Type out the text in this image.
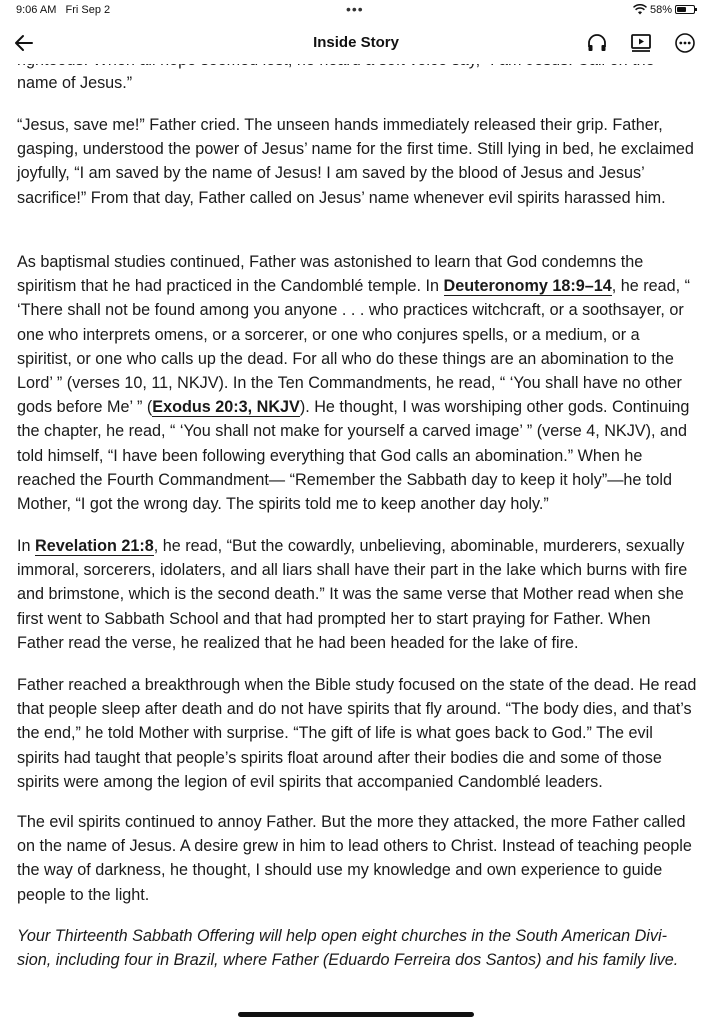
name of Jesus.”

“Jesus, save me!” Father cried. The unseen hands immediately released their grip. Father, gasping, understood the power of Jesus’ name for the first time. Still lying in bed, he exclaimed joyfully, “I am saved by the name of Jesus! I am saved by the blood of Jesus and Jesus’ sacrifice!” From that day, Father called on Jesus’ name whenever evil spirits harassed him.

As baptismal studies continued, Father was astonished to learn that God condemns the spiritism that he had practiced in the Candomblé temple. In Deuteronomy 18:9–14, he read, “ ‘There shall not be found among you anyone . . . who practices witchcraft, or a soothsayer, or one who interprets omens, or a sorcerer, or one who conjures spells, or a medium, or a spiritist, or one who calls up the dead. For all who do these things are an abomination to the Lord’ ” (verses 10, 11, NKJV). In the Ten Commandments, he read, “ ‘You shall have no other gods before Me’ ” (Exodus 20:3, NKJV). He thought, I was worshiping other gods. Continuing the chapter, he read, “ ‘You shall not make for yourself a carved image’ ” (verse 4, NKJV), and told himself, “I have been following everything that God calls an abomination.” When he reached the Fourth Commandment— “Remember the Sabbath day to keep it holy”—he told Mother, “I got the wrong day. The spirits told me to keep another day holy.”

In Revelation 21:8, he read, “But the cowardly, unbelieving, abominable, murderers, sexually immoral, sorcerers, idolaters, and all liars shall have their part in the lake which burns with fire and brimstone, which is the second death.” It was the same verse that Mother read when she first went to Sabbath School and that had prompted her to start praying for Father. When Father read the verse, he realized that he had been headed for the lake of fire.

Father reached a breakthrough when the Bible study focused on the state of the dead. He read that people sleep after death and do not have spirits that fly around. “The body dies, and that’s the end,” he told Mother with surprise. “The gift of life is what goes back to God.” The evil spirits had taught that people’s spirits float around after their bodies die and some of those spirits were among the legion of evil spirits that accompanied Candomblé leaders.

The evil spirits continued to annoy Father. But the more they attacked, the more Father called on the name of Jesus. A desire grew in him to lead others to Christ. Instead of teaching people the way of darkness, he thought, I should use my knowledge and own experience to guide people to the light.

Your Thirteenth Sabbath Offering will help open eight churches in the South American Divi-sion, including four in Brazil, where Father (Eduardo Ferreira dos Santos) and his family live.

9:06 AM Fri Sep 2	•••	58%
Inside Story
